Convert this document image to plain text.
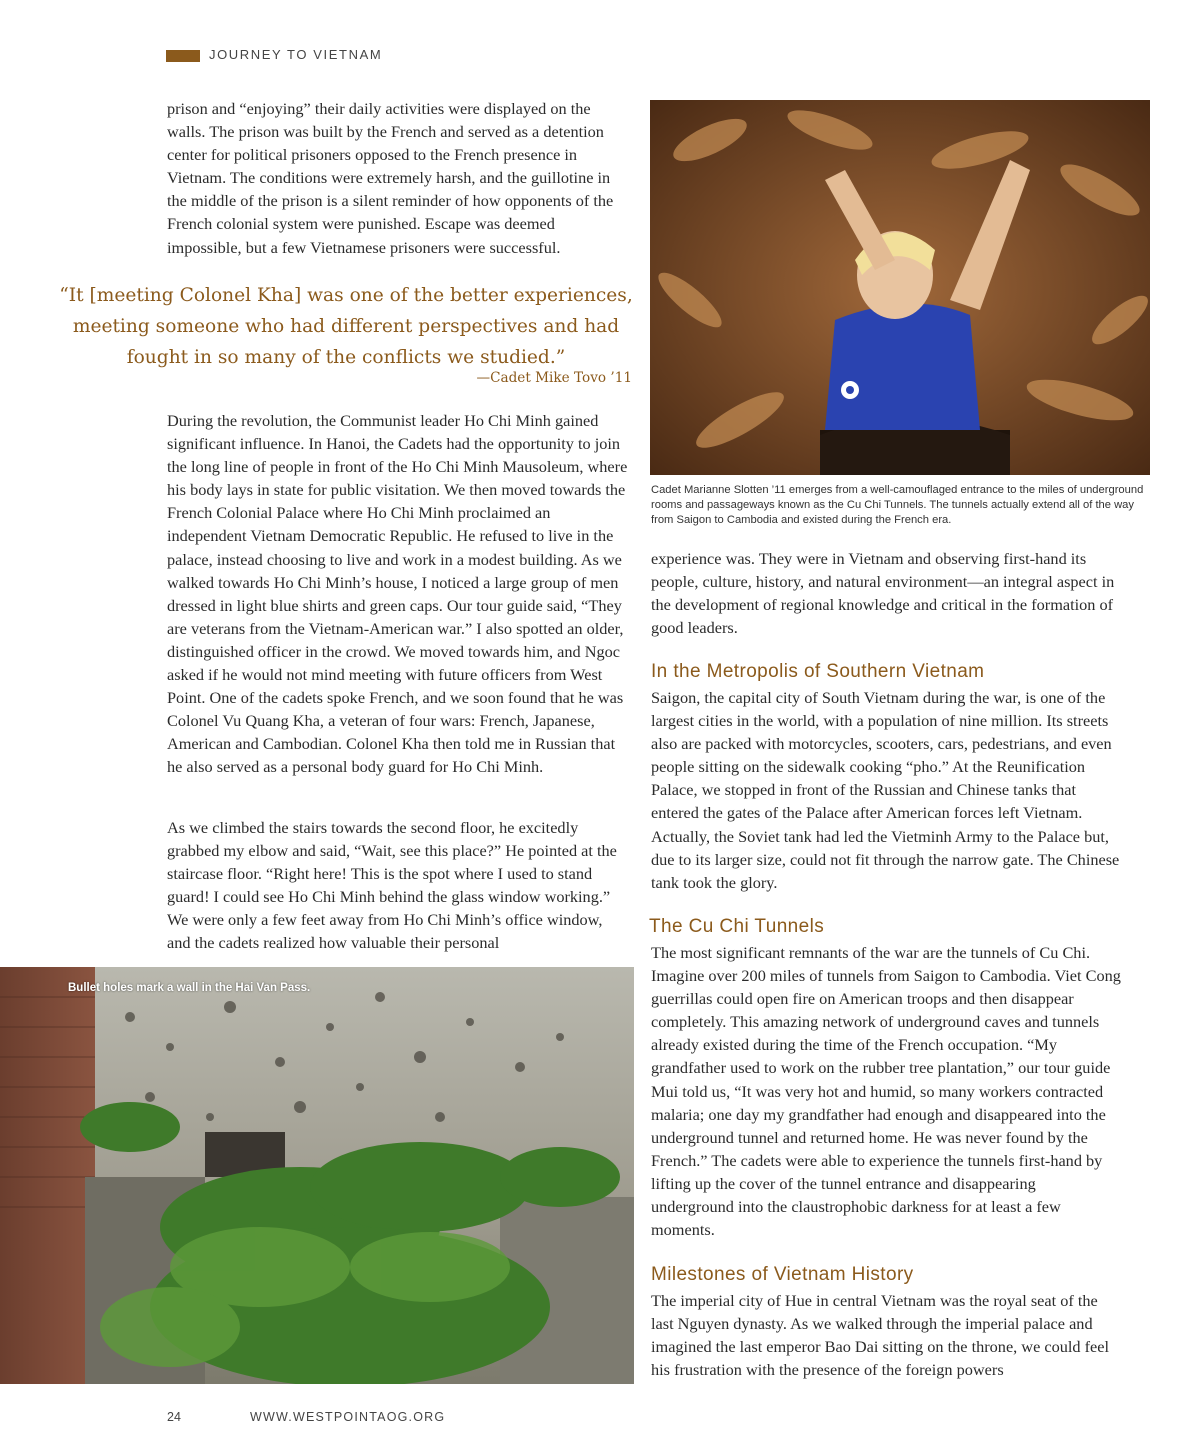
JOURNEY TO VIETNAM

prison and “enjoying” their daily activities were displayed on the walls. The prison was built by the French and served as a detention center for political prisoners opposed to the French presence in Vietnam. The conditions were extremely harsh, and the guillotine in the middle of the prison is a silent reminder of how opponents of the French colonial system were punished. Escape was deemed impossible, but a few Vietnamese prisoners were successful.

“It [meeting Colonel Kha] was one of the better experiences, meeting someone who had different perspectives and had fought in so many of the conflicts we studied.”
—Cadet Mike Tovo ’11

During the revolution, the Communist leader Ho Chi Minh gained significant influence. In Hanoi, the Cadets had the opportunity to join the long line of people in front of the Ho Chi Minh Mausoleum, where his body lays in state for public visitation. We then moved towards the French Colonial Palace where Ho Chi Minh proclaimed an independent Vietnam Democratic Republic. He refused to live in the palace, instead choosing to live and work in a modest building. As we walked towards Ho Chi Minh’s house, I noticed a large group of men dressed in light blue shirts and green caps. Our tour guide said, “They are veterans from the Vietnam-American war.” I also spotted an older, distinguished officer in the crowd. We moved towards him, and Ngoc asked if he would not mind meeting with future officers from West Point. One of the cadets spoke French, and we soon found that he was Colonel Vu Quang Kha, a veteran of four wars: French, Japanese, American and Cambodian. Colonel Kha then told me in Russian that he also served as a personal body guard for Ho Chi Minh.

As we climbed the stairs towards the second floor, he excitedly grabbed my elbow and said, “Wait, see this place?” He pointed at the staircase floor. “Right here! This is the spot where I used to stand guard! I could see Ho Chi Minh behind the glass window working.” We were only a few feet away from Ho Chi Minh’s office window, and the cadets realized how valuable their personal

Bullet holes mark a wall in the Hai Van Pass.
Cadet Marianne Slotten ’11 emerges from a well-camouflaged entrance to the miles of underground rooms and passageways known as the Cu Chi Tunnels. The tunnels actually extend all of the way from Saigon to Cambodia and existed during the French era.

experience was. They were in Vietnam and observing first-hand its people, culture, history, and natural environment—an integral aspect in the development of regional knowledge and critical in the formation of good leaders.

In the Metropolis of Southern Vietnam

Saigon, the capital city of South Vietnam during the war, is one of the largest cities in the world, with a population of nine million. Its streets also are packed with motorcycles, scooters, cars, pedestrians, and even people sitting on the sidewalk cooking “pho.” At the Reunification Palace, we stopped in front of the Russian and Chinese tanks that entered the gates of the Palace after American forces left Vietnam. Actually, the Soviet tank had led the Vietminh Army to the Palace but, due to its larger size, could not fit through the narrow gate. The Chinese tank took the glory.

The Cu Chi Tunnels

The most significant remnants of the war are the tunnels of Cu Chi. Imagine over 200 miles of tunnels from Saigon to Cambodia. Viet Cong guerrillas could open fire on American troops and then disappear completely. This amazing network of underground caves and tunnels already existed during the time of the French occupation. “My grandfather used to work on the rubber tree plantation,” our tour guide Mui told us, “It was very hot and humid, so many workers contracted malaria; one day my grandfather had enough and disappeared into the underground tunnel and returned home. He was never found by the French.” The cadets were able to experience the tunnels first-hand by lifting up the cover of the tunnel entrance and disappearing underground into the claustrophobic darkness for at least a few moments.

Milestones of Vietnam History

The imperial city of Hue in central Vietnam was the royal seat of the last Nguyen dynasty. As we walked through the imperial palace and imagined the last emperor Bao Dai sitting on the throne, we could feel his frustration with the presence of the foreign powers

24	WWW.WESTPOINTAOG.ORG
